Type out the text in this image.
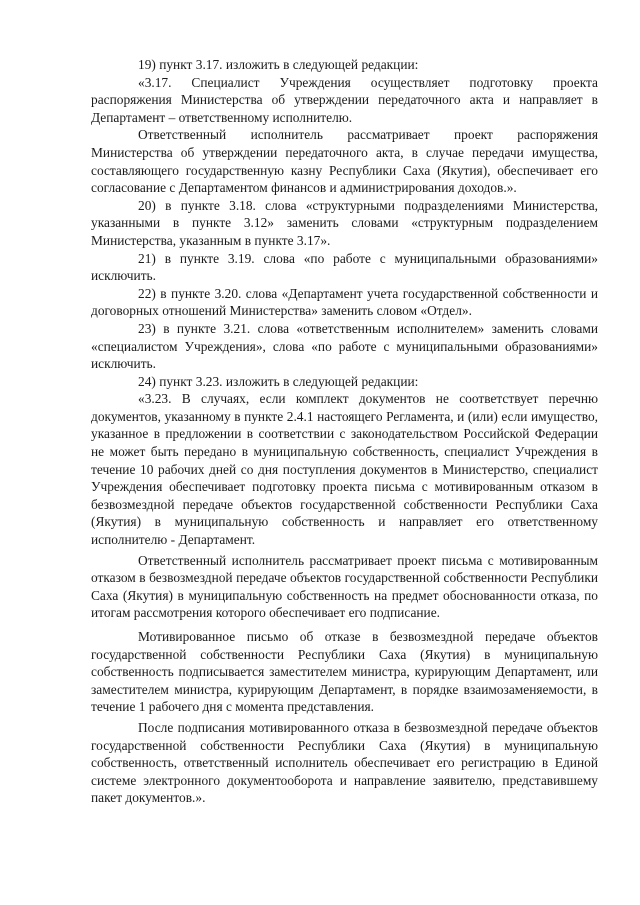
19) пункт 3.17. изложить в следующей редакции:

«3.17. Специалист Учреждения осуществляет подготовку проекта распоряжения Министерства об утверждении передаточного акта и направляет в Департамент – ответственному исполнителю.

Ответственный исполнитель рассматривает проект распоряжения Министерства об утверждении передаточного акта, в случае передачи имущества, составляющего государственную казну Республики Саха (Якутия), обеспечивает его согласование с Департаментом финансов и администрирования доходов.».

20) в пункте 3.18. слова «структурными подразделениями Министерства, указанными в пункте 3.12» заменить словами «структурным подразделением Министерства, указанным в пункте 3.17».

21) в пункте 3.19. слова «по работе с муниципальными образованиями» исключить.

22) в пункте 3.20. слова «Департамент учета государственной собственности и договорных отношений Министерства» заменить словом «Отдел».

23) в пункте 3.21. слова «ответственным исполнителем» заменить словами «специалистом Учреждения», слова «по работе с муниципальными образованиями» исключить.

24) пункт 3.23. изложить в следующей редакции:

«3.23. В случаях, если комплект документов не соответствует перечню документов, указанному в пункте 2.4.1 настоящего Регламента, и (или) если имущество, указанное в предложении в соответствии с законодательством Российской Федерации не может быть передано в муниципальную собственность, специалист Учреждения в течение 10 рабочих дней со дня поступления документов в Министерство, специалист Учреждения обеспечивает подготовку проекта письма с мотивированным отказом в безвозмездной передаче объектов государственной собственности Республики Саха (Якутия) в муниципальную собственность и направляет его ответственному исполнителю - Департамент.

Ответственный исполнитель рассматривает проект письма с мотивированным отказом в безвозмездной передаче объектов государственной собственности Республики Саха (Якутия) в муниципальную собственность на предмет обоснованности отказа, по итогам рассмотрения которого обеспечивает его подписание.

Мотивированное письмо об отказе в безвозмездной передаче объектов государственной собственности Республики Саха (Якутия) в муниципальную собственность подписывается заместителем министра, курирующим Департамент, или заместителем министра, курирующим Департамент, в порядке взаимозаменяемости, в течение 1 рабочего дня с момента представления.

После подписания мотивированного отказа в безвозмездной передаче объектов государственной собственности Республики Саха (Якутия) в муниципальную собственность, ответственный исполнитель обеспечивает его регистрацию в Единой системе электронного документооборота и направление заявителю, представившему пакет документов.».
